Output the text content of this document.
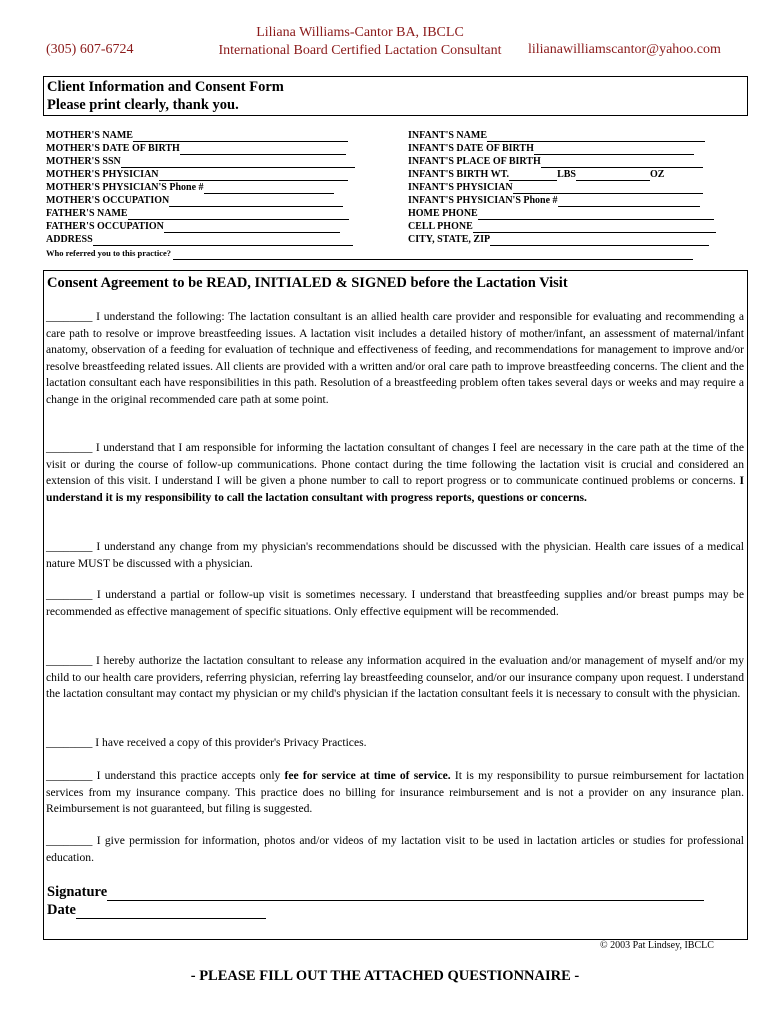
Liliana Williams-Cantor BA, IBCLC
International Board Certified Lactation Consultant
(305) 607-6724	lilianawilliamscantor@yahoo.com
Client Information and Consent Form
Please print clearly, thank you.
MOTHER'S NAME
MOTHER'S DATE OF BIRTH
MOTHER'S SSN
MOTHER'S PHYSICIAN
MOTHER'S PHYSICIAN'S Phone #
MOTHER'S OCCUPATION
FATHER'S NAME
FATHER'S OCCUPATION
ADDRESS
INFANT'S NAME
INFANT'S DATE OF BIRTH
INFANT'S PLACE OF BIRTH
INFANT'S BIRTH WT.	LBS	OZ
INFANT'S PHYSICIAN
INFANT'S PHYSICIAN'S Phone #
HOME PHONE
CELL PHONE
CITY, STATE, ZIP
Who referred you to this practice?
Consent Agreement to be READ, INITIALED & SIGNED before the Lactation Visit
________ I understand the following: The lactation consultant is an allied health care provider and responsible for evaluating and recommending a care path to resolve or improve breastfeeding issues. A lactation visit includes a detailed history of mother/infant, an assessment of maternal/infant anatomy, observation of a feeding for evaluation of technique and effectiveness of feeding, and recommendations for management to improve and/or resolve breastfeeding related issues. All clients are provided with a written and/or oral care path to improve breastfeeding concerns. The client and the lactation consultant each have responsibilities in this path. Resolution of a breastfeeding problem often takes several days or weeks and may require a change in the original recommended care path at some point.
________ I understand that I am responsible for informing the lactation consultant of changes I feel are necessary in the care path at the time of the visit or during the course of follow-up communications. Phone contact during the time following the lactation visit is crucial and considered an extension of this visit. I understand I will be given a phone number to call to report progress or to communicate continued problems or concerns. I understand it is my responsibility to call the lactation consultant with progress reports, questions or concerns.
________ I understand any change from my physician's recommendations should be discussed with the physician. Health care issues of a medical nature MUST be discussed with a physician.
________ I understand a partial or follow-up visit is sometimes necessary. I understand that breastfeeding supplies and/or breast pumps may be recommended as effective management of specific situations. Only effective equipment will be recommended.
________ I hereby authorize the lactation consultant to release any information acquired in the evaluation and/or management of myself and/or my child to our health care providers, referring physician, referring lay breastfeeding counselor, and/or our insurance company upon request. I understand the lactation consultant may contact my physician or my child's physician if the lactation consultant feels it is necessary to consult with the physician.
________ I have received a copy of this provider's Privacy Practices.
________ I understand this practice accepts only fee for service at time of service. It is my responsibility to pursue reimbursement for lactation services from my insurance company. This practice does no billing for insurance reimbursement and is not a provider on any insurance plan. Reimbursement is not guaranteed, but filing is suggested.
________ I give permission for information, photos and/or videos of my lactation visit to be used in lactation articles or studies for professional education.
Signature
Date
© 2003 Pat Lindsey, IBCLC
- PLEASE FILL OUT THE ATTACHED QUESTIONNAIRE -
